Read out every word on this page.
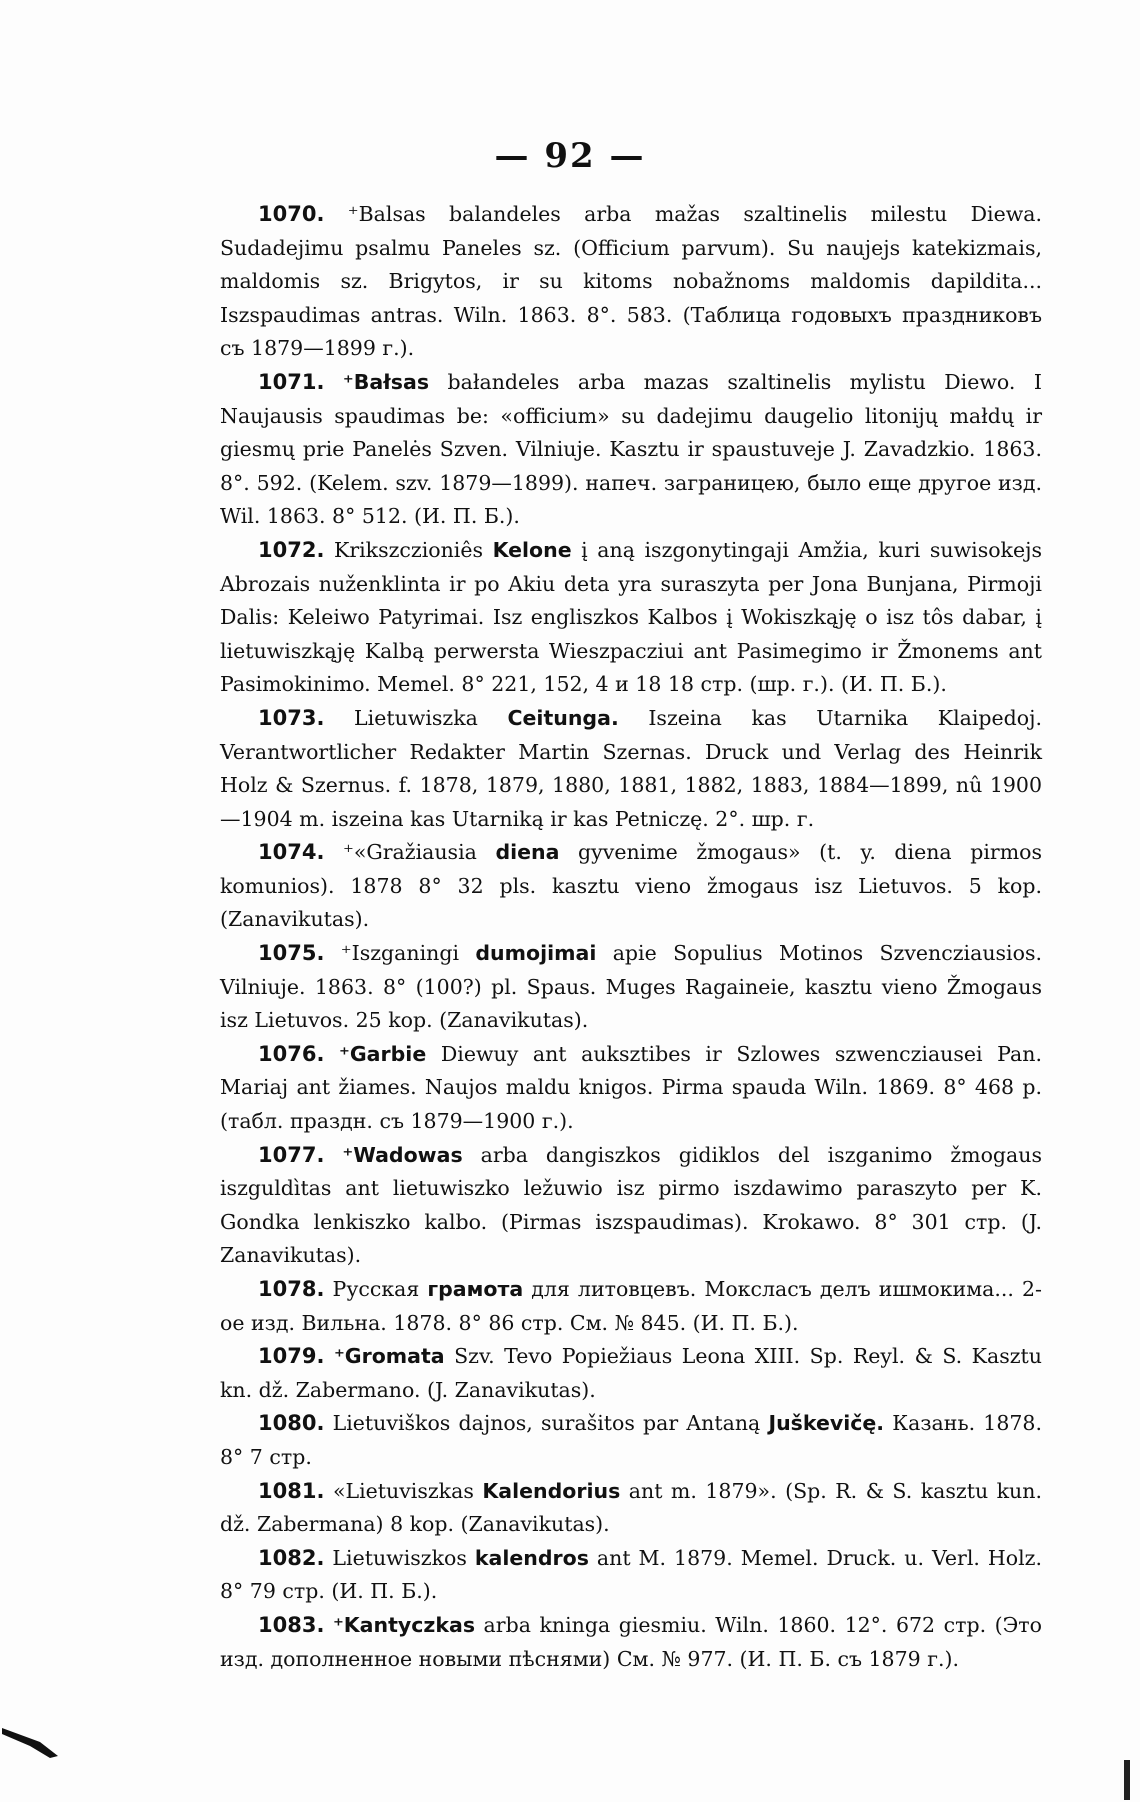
— 92 —

1070. ⁺Balsas balandeles arba mažas szaltinelis milestu Diewa. Sudadejimu psalmu Paneles sz. (Officium parvum). Su naujejs katekizmais, maldomis sz. Brigytos, ir su kitoms nobažnoms maldomis dapildita... Iszspaudimas antras. Wiln. 1863. 8°. 583. (Таблица годовыхъ праздниковъ съ 1879—1899 г.).

1071. ⁺Bałsas bałandeles arba mazas szaltinelis mylistu Diewo. I Naujausis spaudimas be: «officium» su dadejimu daugelio litonijų małdų ir giesmų prie Panelės Szven. Vilniuje. Kasztu ir spaustuveje J. Zavadzkio. 1863. 8°. 592. (Kelem. szv. 1879—1899). напеч. заграницею, было еще другое изд. Wil. 1863. 8° 512. (И. П. Б.).

1072. Krikszczioniês Kelone į aną iszgonytingaji Amžia, kuri suwisokejs Abrozais nuženklinta ir po Akiu deta yra suraszyta per Jona Bunjana, Pirmoji Dalis: Keleiwo Patyrimai. Isz engliszkos Kalbos į Wokiszkąję o isz tôs dabar, į lietuwiszkąję Kalbą perwersta Wieszpacziui ant Pasimegimo ir Žmonems ant Pasimokinimo. Memel. 8° 221, 152, 4 и 18 18 стр. (шр. г.). (И. П. Б.).

1073. Lietuwiszka Ceitunga. Iszeina kas Utarnika Klaipedoj. Verantwortlicher Redakter Martin Szernas. Druck und Verlag des Heinrik Holz & Szernus. f. 1878, 1879, 1880, 1881, 1882, 1883, 1884—1899, nû 1900—1904 m. iszeina kas Utarniką ir kas Petniczę. 2°. шр. г.

1074. ⁺«Gražiausia diena gyvenime žmogaus» (t. y. diena pirmos komunios). 1878 8° 32 pls. kasztu vieno žmogaus isz Lietuvos. 5 kop. (Zanavikutas).

1075. ⁺Iszganingi dumojimai apie Sopulius Motinos Szvencziausios. Vilniuje. 1863. 8° (100?) pl. Spaus. Muges Ragaineie, kasztu vieno Žmogaus isz Lietuvos. 25 kop. (Zanavikutas).

1076. ⁺Garbie Diewuy ant auksztibes ir Szlowes szwencziausei Pan. Mariaj ant žiames. Naujos maldu knigos. Pirma spauda Wiln. 1869. 8° 468 p. (табл. праздн. съ 1879—1900 г.).

1077. ⁺Wadowas arba dangiszkos gidiklos del iszganimo žmogaus iszguldìtas ant lietuwiszko ležuwio isz pirmo iszdawimo paraszyto per K. Gondka lenkiszko kalbo. (Pirmas iszspaudimas). Krokawo. 8° 301 стр. (J. Zanavikutas).

1078. Русская грамота для литовцевъ. Моксласъ делъ ишмокима... 2-ое изд. Вильна. 1878. 8° 86 стр. См. № 845. (И. П. Б.).

1079. ⁺Gromata Szv. Tevo Popiežiaus Leona XIII. Sp. Reyl. & S. Kasztu kn. dž. Zabermano. (J. Zanavikutas).

1080. Lietuviškos dajnos, surašitos par Antaną Juškevičę. Казань. 1878. 8° 7 стр.

1081. «Lietuviszkas Kalendorius ant m. 1879». (Sp. R. & S. kasztu kun. dž. Zabermana) 8 kop. (Zanavikutas).

1082. Lietuwiszkos kalendros ant M. 1879. Memel. Druck. u. Verl. Holz. 8° 79 стр. (И. П. Б.).

1083. ⁺Kantyczkas arba kninga giesmiu. Wiln. 1860. 12°. 672 стр. (Это изд. дополненное новыми пѣснями) См. № 977. (И. П. Б. съ 1879 г.).
